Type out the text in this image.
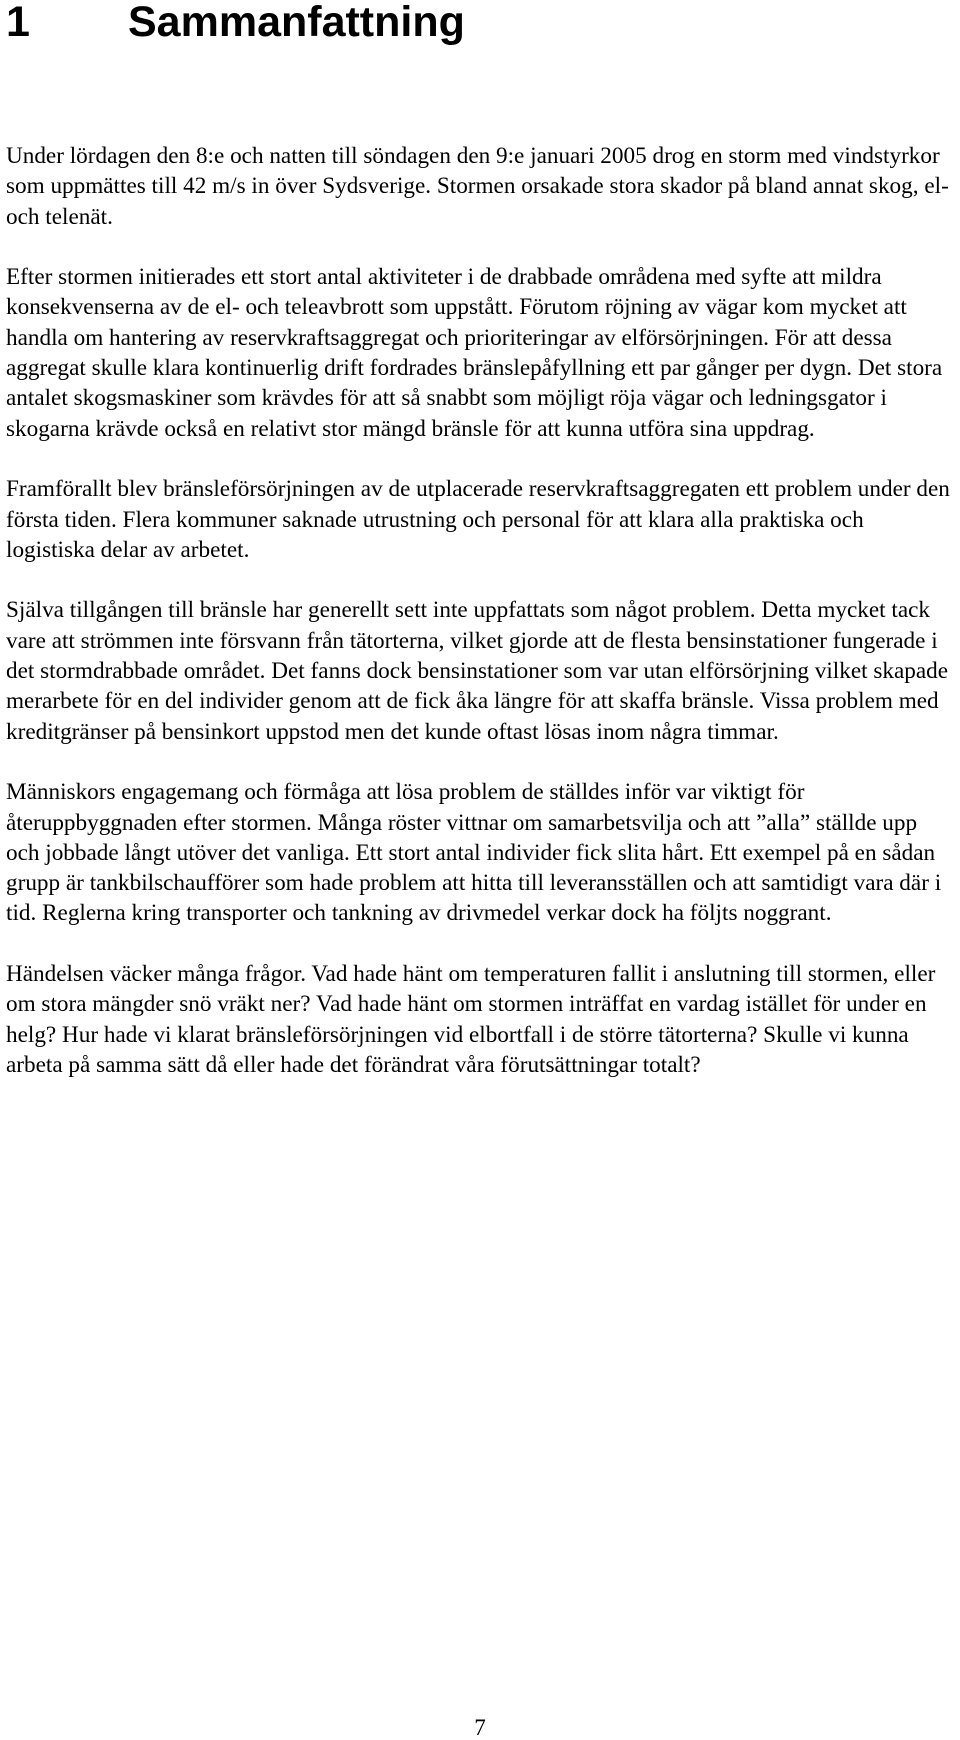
1 Sammanfattning

Under lördagen den 8:e och natten till söndagen den 9:e januari 2005 drog en storm med vindstyrkor som uppmättes till 42 m/s in över Sydsverige. Stormen orsakade stora skador på bland annat skog, el- och telenät.

Efter stormen initierades ett stort antal aktiviteter i de drabbade områdena med syfte att mildra konsekvenserna av de el- och teleavbrott som uppstått. Förutom röjning av vägar kom mycket att handla om hantering av reservkraftsaggregat och prioriteringar av elförsörjningen. För att dessa aggregat skulle klara kontinuerlig drift fordrades bränslepåfyllning ett par gånger per dygn. Det stora antalet skogsmaskiner som krävdes för att så snabbt som möjligt röja vägar och ledningsgator i skogarna krävde också en relativt stor mängd bränsle för att kunna utföra sina uppdrag.

Framförallt blev bränsleförsörjningen av de utplacerade reservkraftsaggregaten ett problem under den första tiden. Flera kommuner saknade utrustning och personal för att klara alla praktiska och logistiska delar av arbetet.

Själva tillgången till bränsle har generellt sett inte uppfattats som något problem. Detta mycket tack vare att strömmen inte försvann från tätorterna, vilket gjorde att de flesta bensinstationer fungerade i det stormdrabbade området. Det fanns dock bensinstationer som var utan elförsörjning vilket skapade merarbete för en del individer genom att de fick åka längre för att skaffa bränsle. Vissa problem med kreditgränser på bensinkort uppstod men det kunde oftast lösas inom några timmar.

Människors engagemang och förmåga att lösa problem de ställdes inför var viktigt för återuppbyggnaden efter stormen. Många röster vittnar om samarbetsvilja och att ”alla” ställde upp och jobbade långt utöver det vanliga. Ett stort antal individer fick slita hårt. Ett exempel på en sådan grupp är tankbilschaufförer som hade problem att hitta till leveransställen och att samtidigt vara där i tid. Reglerna kring transporter och tankning av drivmedel verkar dock ha följts noggrant.

Händelsen väcker många frågor. Vad hade hänt om temperaturen fallit i anslutning till stormen, eller om stora mängder snö vräkt ner? Vad hade hänt om stormen inträffat en vardag istället för under en helg? Hur hade vi klarat bränsleförsörjningen vid elbortfall i de större tätorterna? Skulle vi kunna arbeta på samma sätt då eller hade det förändrat våra förutsättningar totalt?

7
